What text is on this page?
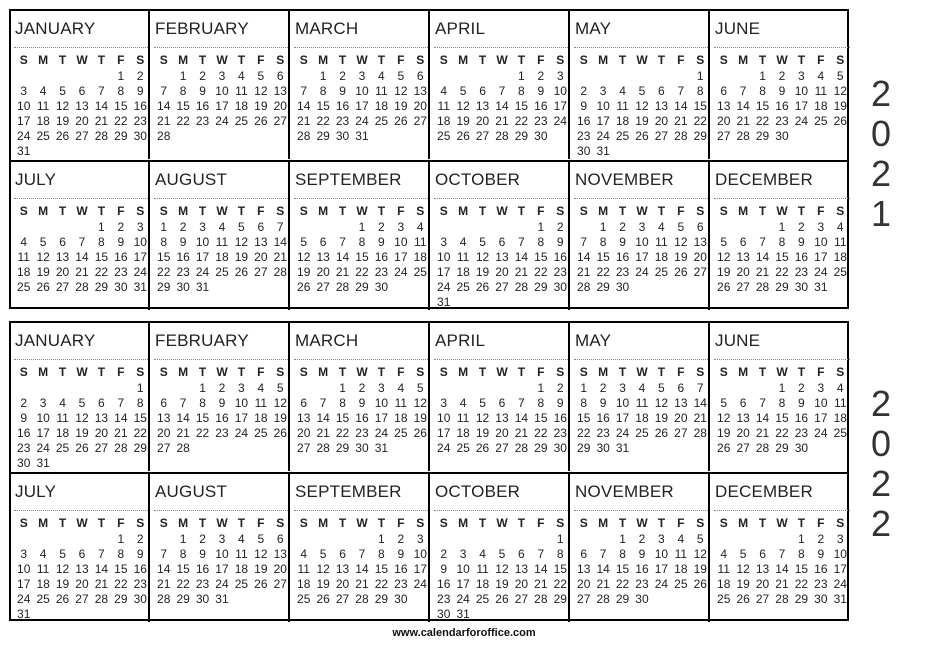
JANUARY
S	M	T	W	T	F	S
					1	2
3	4	5	6	7	8	9
10	11	12	13	14	15	16
17	18	19	20	21	22	23
24	25	26	27	28	29	30
31						
FEBRUARY
S	M	T	W	T	F	S
	1	2	3	4	5	6
7	8	9	10	11	12	13
14	15	16	17	18	19	20
21	22	23	24	25	26	27
28						

MARCH
S	M	T	W	T	F	S
	1	2	3	4	5	6
7	8	9	10	11	12	13
14	15	16	17	18	19	20
21	22	23	24	25	26	27
28	29	30	31			

APRIL
S	M	T	W	T	F	S
				1	2	3
4	5	6	7	8	9	10
11	12	13	14	15	16	17
18	19	20	21	22	23	24
25	26	27	28	29	30	

MAY
S	M	T	W	T	F	S
						1
2	3	4	5	6	7	8
9	10	11	12	13	14	15
16	17	18	19	20	21	22
23	24	25	26	27	28	29
30	31					
JUNE
S	M	T	W	T	F	S
		1	2	3	4	5
6	7	8	9	10	11	12
13	14	15	16	17	18	19
20	21	22	23	24	25	26
27	28	29	30			

JULY
S	M	T	W	T	F	S
				1	2	3
4	5	6	7	8	9	10
11	12	13	14	15	16	17
18	19	20	21	22	23	24
25	26	27	28	29	30	31

AUGUST
S	M	T	W	T	F	S
1	2	3	4	5	6	7
8	9	10	11	12	13	14
15	16	17	18	19	20	21
22	23	24	25	26	27	28
29	30	31				

SEPTEMBER
S	M	T	W	T	F	S
			1	2	3	4
5	6	7	8	9	10	11
12	13	14	15	16	17	18
19	20	21	22	23	24	25
26	27	28	29	30		

OCTOBER
S	M	T	W	T	F	S
					1	2
3	4	5	6	7	8	9
10	11	12	13	14	15	16
17	18	19	20	21	22	23
24	25	26	27	28	29	30
31						
NOVEMBER
S	M	T	W	T	F	S
	1	2	3	4	5	6
7	8	9	10	11	12	13
14	15	16	17	18	19	20
21	22	23	24	25	26	27
28	29	30				

DECEMBER
S	M	T	W	T	F	S
			1	2	3	4
5	6	7	8	9	10	11
12	13	14	15	16	17	18
19	20	21	22	23	24	25
26	27	28	29	30	31	

2
0
2
1
JANUARY
S	M	T	W	T	F	S
						1
2	3	4	5	6	7	8
9	10	11	12	13	14	15
16	17	18	19	20	21	22
23	24	25	26	27	28	29
30	31					
FEBRUARY
S	M	T	W	T	F	S
		1	2	3	4	5
6	7	8	9	10	11	12
13	14	15	16	17	18	19
20	21	22	23	24	25	26
27	28					

MARCH
S	M	T	W	T	F	S
		1	2	3	4	5
6	7	8	9	10	11	12
13	14	15	16	17	18	19
20	21	22	23	24	25	26
27	28	29	30	31		

APRIL
S	M	T	W	T	F	S
					1	2
3	4	5	6	7	8	9
10	11	12	13	14	15	16
17	18	19	20	21	22	23
24	25	26	27	28	29	30

MAY
S	M	T	W	T	F	S
1	2	3	4	5	6	7
8	9	10	11	12	13	14
15	16	17	18	19	20	21
22	23	24	25	26	27	28
29	30	31				

JUNE
S	M	T	W	T	F	S
			1	2	3	4
5	6	7	8	9	10	11
12	13	14	15	16	17	18
19	20	21	22	23	24	25
26	27	28	29	30		

JULY
S	M	T	W	T	F	S
					1	2
3	4	5	6	7	8	9
10	11	12	13	14	15	16
17	18	19	20	21	22	23
24	25	26	27	28	29	30
31						
AUGUST
S	M	T	W	T	F	S
	1	2	3	4	5	6
7	8	9	10	11	12	13
14	15	16	17	18	19	20
21	22	23	24	25	26	27
28	29	30	31			

SEPTEMBER
S	M	T	W	T	F	S
				1	2	3
4	5	6	7	8	9	10
11	12	13	14	15	16	17
18	19	20	21	22	23	24
25	26	27	28	29	30	

OCTOBER
S	M	T	W	T	F	S
						1
2	3	4	5	6	7	8
9	10	11	12	13	14	15
16	17	18	19	20	21	22
23	24	25	26	27	28	29
30	31					
NOVEMBER
S	M	T	W	T	F	S
		1	2	3	4	5
6	7	8	9	10	11	12
13	14	15	16	17	18	19
20	21	22	23	24	25	26
27	28	29	30			

DECEMBER
S	M	T	W	T	F	S
				1	2	3
4	5	6	7	8	9	10
11	12	13	14	15	16	17
18	19	20	21	22	23	24
25	26	27	28	29	30	31

2
0
2
2
www.calendarforoffice.com
